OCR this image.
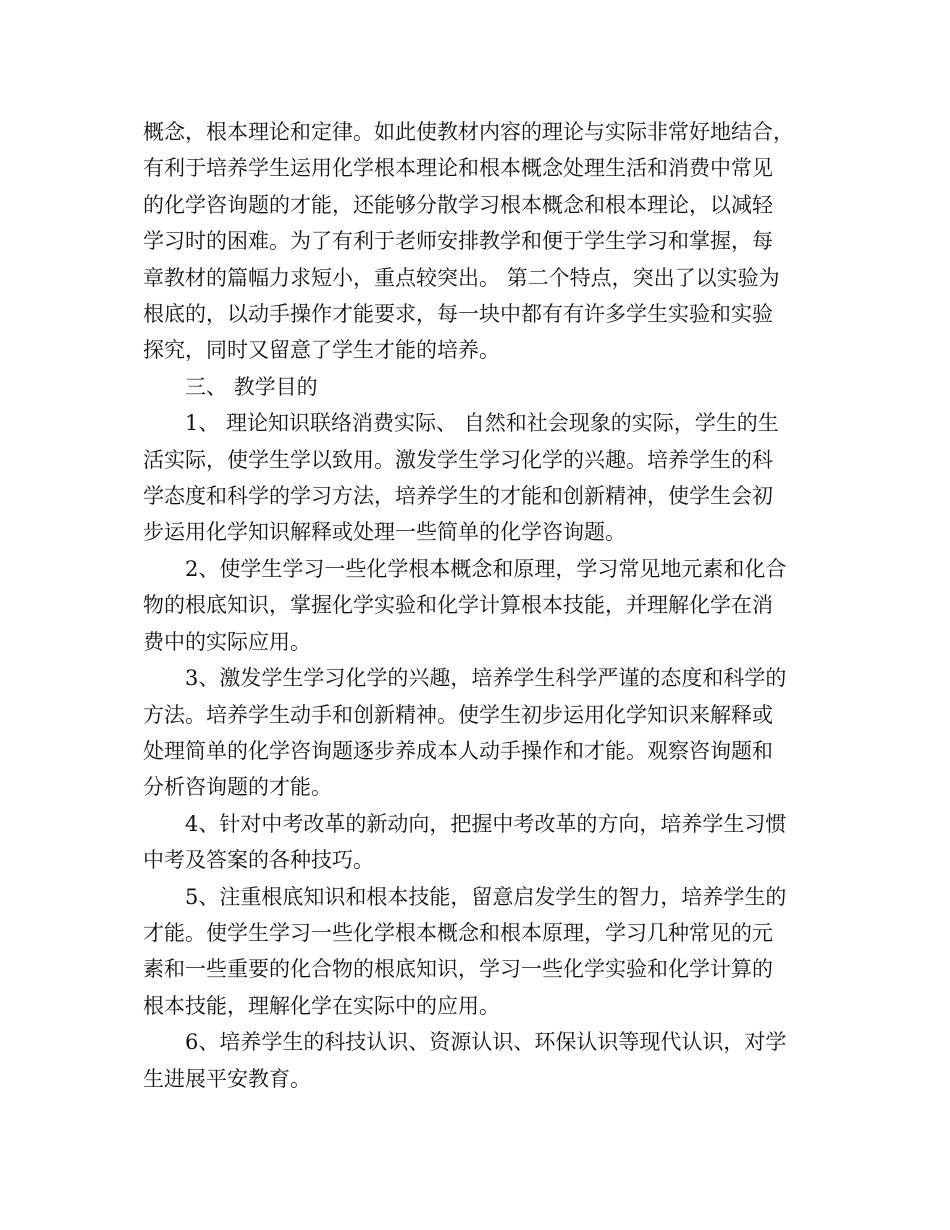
概念，根本理论和定律。如此使教材内容的理论与实际非常好地结合，

有利于培养学生运用化学根本理论和根本概念处理生活和消费中常见

的化学咨询题的才能，还能够分散学习根本概念和根本理论，以减轻

学习时的困难。为了有利于老师安排教学和便于学生学习和掌握，每

章教材的篇幅力求短小，重点较突出。 第二个特点，突出了以实验为

根底的，以动手操作才能要求，每一块中都有有许多学生实验和实验

探究，同时又留意了学生才能的培养。

三、 教学目的

1、 理论知识联络消费实际、 自然和社会现象的实际，学生的生

活实际，使学生学以致用。激发学生学习化学的兴趣。培养学生的科

学态度和科学的学习方法，培养学生的才能和创新精神，使学生会初

步运用化学知识解释或处理一些简单的化学咨询题。

2、使学生学习一些化学根本概念和原理，学习常见地元素和化合

物的根底知识，掌握化学实验和化学计算根本技能，并理解化学在消

费中的实际应用。

3、激发学生学习化学的兴趣，培养学生科学严谨的态度和科学的

方法。培养学生动手和创新精神。使学生初步运用化学知识来解释或

处理简单的化学咨询题逐步养成本人动手操作和才能。观察咨询题和

分析咨询题的才能。

4、针对中考改革的新动向，把握中考改革的方向，培养学生习惯

中考及答案的各种技巧。

5、注重根底知识和根本技能，留意启发学生的智力，培养学生的

才能。使学生学习一些化学根本概念和根本原理，学习几种常见的元

素和一些重要的化合物的根底知识，学习一些化学实验和化学计算的

根本技能，理解化学在实际中的应用。

6、培养学生的科技认识、资源认识、环保认识等现代认识，对学

生进展平安教育。
